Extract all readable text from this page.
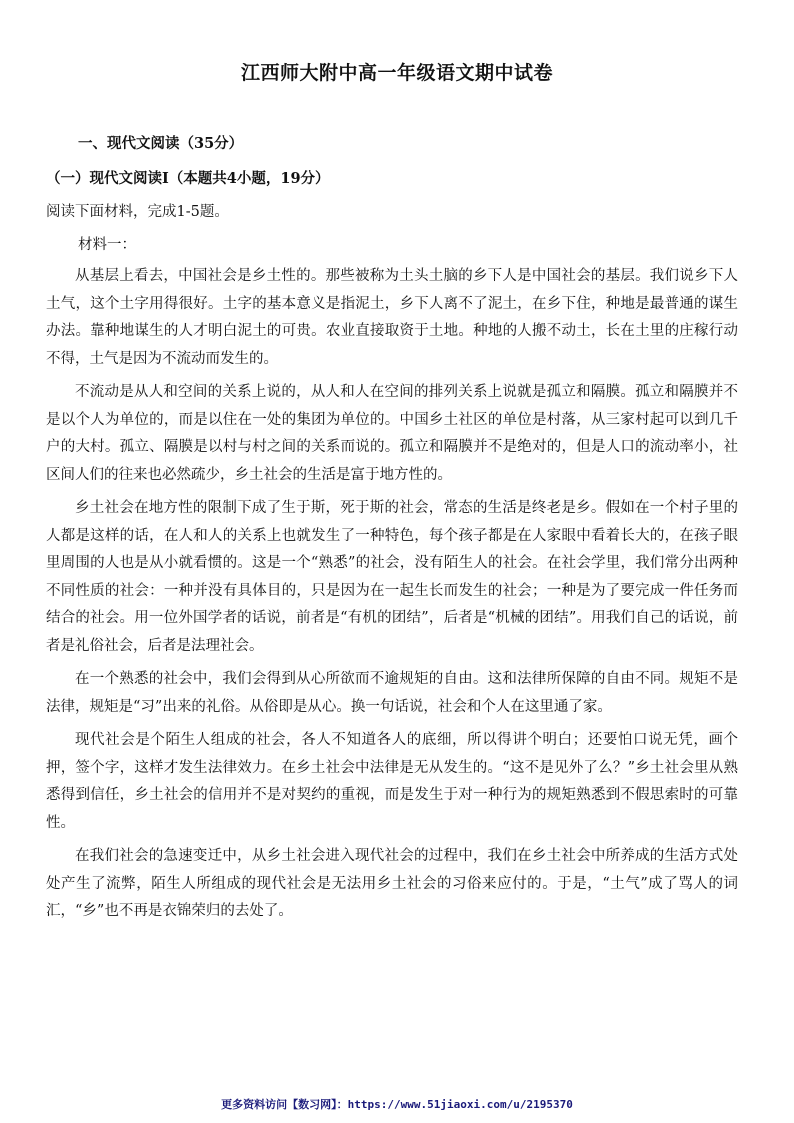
江西师大附中高一年级语文期中试卷
一、现代文阅读（35分）
（一）现代文阅读Ⅰ（本题共4小题，19分）
阅读下面材料，完成1-5题。
材料一：

从基层上看去，中国社会是乡土性的。那些被称为土头土脑的乡下人是中国社会的基层。我们说乡下人土气，这个土字用得很好。土字的基本意义是指泥土，乡下人离不了泥土，在乡下住，种地是最普通的谋生办法。靠种地谋生的人才明白泥土的可贵。农业直接取资于土地。种地的人搬不动土，长在土里的庄稼行动不得，土气是因为不流动而发生的。

不流动是从人和空间的关系上说的，从人和人在空间的排列关系上说就是孤立和隔膜。孤立和隔膜并不是以个人为单位的，而是以住在一处的集团为单位的。中国乡土社区的单位是村落，从三家村起可以到几千户的大村。孤立、隔膜是以村与村之间的关系而说的。孤立和隔膜并不是绝对的，但是人口的流动率小，社区间人们的往来也必然疏少，乡土社会的生活是富于地方性的。

乡土社会在地方性的限制下成了生于斯，死于斯的社会，常态的生活是终老是乡。假如在一个村子里的人都是这样的话，在人和人的关系上也就发生了一种特色，每个孩子都是在人家眼中看着长大的，在孩子眼里周围的人也是从小就看惯的。这是一个“熟悉”的社会，没有陌生人的社会。在社会学里，我们常分出两种不同性质的社会：一种并没有具体目的，只是因为在一起生长而发生的社会；一种是为了要完成一件任务而结合的社会。用一位外国学者的话说，前者是“有机的团结”，后者是“机械的团结”。用我们自己的话说，前者是礼俗社会，后者是法理社会。

在一个熟悉的社会中，我们会得到从心所欲而不逾规矩的自由。这和法律所保障的自由不同。规矩不是法律，规矩是“习”出来的礼俗。从俗即是从心。换一句话说，社会和个人在这里通了家。

现代社会是个陌生人组成的社会，各人不知道各人的底细，所以得讲个明白；还要怕口说无凭，画个押，签个字，这样才发生法律效力。在乡土社会中法律是无从发生的。“这不是见外了么？”乡土社会里从熟悉得到信任，乡土社会的信用并不是对契约的重视，而是发生于对一种行为的规矩熟悉到不假思索时的可靠性。

在我们社会的急速变迁中，从乡土社会进入现代社会的过程中，我们在乡土社会中所养成的生活方式处处产生了流弊，陌生人所组成的现代社会是无法用乡土社会的习俗来应付的。于是，“土气”成了骂人的词汇，“乡”也不再是衣锦荣归的去处了。

更多资料访问【数习网】：https://www.51jiaoxi.com/u/2195370
